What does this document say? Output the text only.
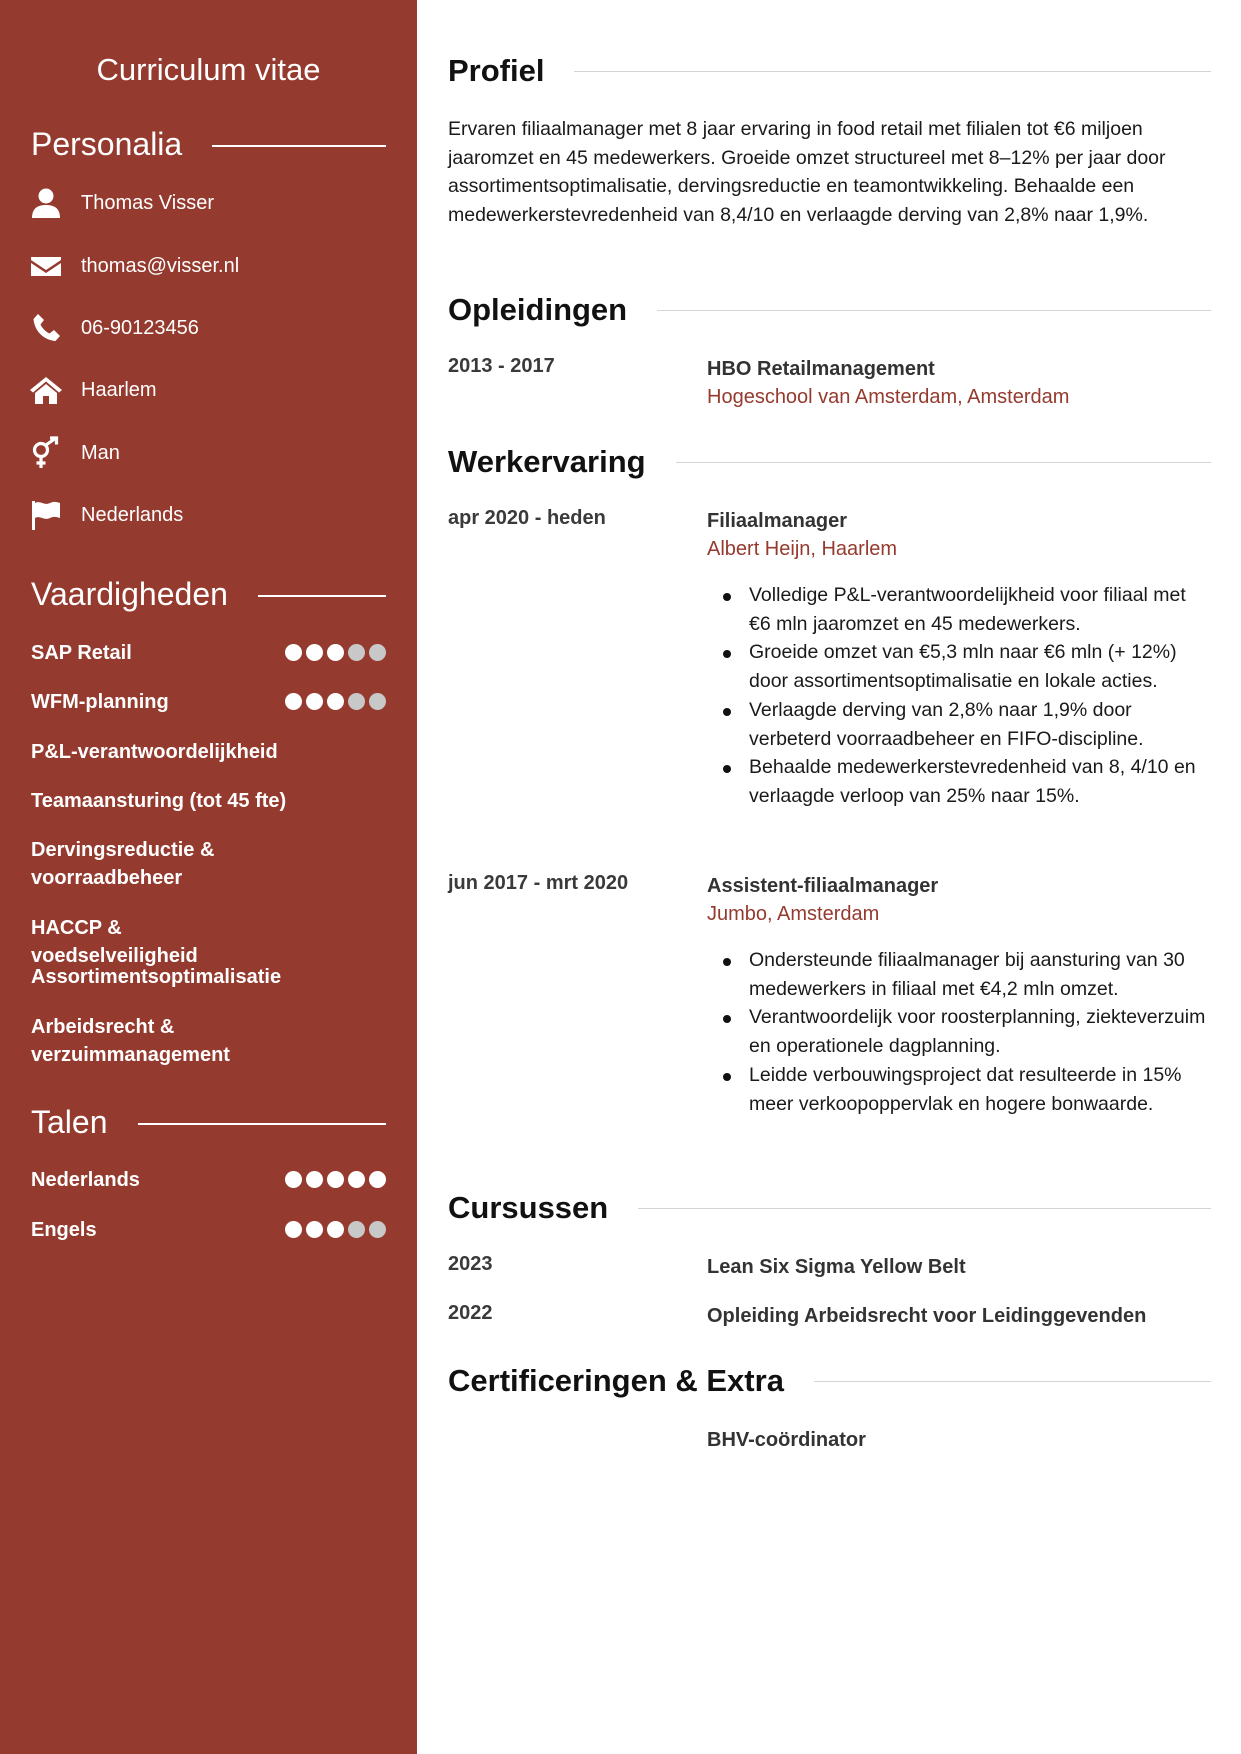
Curriculum vitae
Personalia
Thomas Visser
thomas@visser.nl
06-90123456
Haarlem
Man
Nederlands
Vaardigheden
SAP Retail
WFM-planning
P&L-verantwoordelijkheid
Teamaansturing (tot 45 fte)
Dervingsreductie & voorraadbeheer
HACCP & voedselveiligheid
Assortimentsoptimalisatie
Arbeidsrecht & verzuimmanagement
Talen
Nederlands
Engels
Profiel
Ervaren filiaalmanager met 8 jaar ervaring in food retail met filialen tot €6 miljoen jaaromzet en 45 medewerkers. Groeide omzet structureel met 8–12% per jaar door assortimentsoptimalisatie, dervingsreductie en teamontwikkeling. Behaalde een medewerkerstevredenheid van 8,4/10 en verlaagde derving van 2,8% naar 1,9%.
Opleidingen
2013 - 2017	HBO Retailmanagement
Hogeschool van Amsterdam, Amsterdam
Werkervaring
apr 2020 - heden	Filiaalmanager
Albert Heijn, Haarlem
Volledige P&L-verantwoordelijkheid voor filiaal met €6 mln jaaromzet en 45 medewerkers.
Groeide omzet van €5,3 mln naar €6 mln (+ 12%) door assortimentsoptimalisatie en lokale acties.
Verlaagde derving van 2,8% naar 1,9% door verbeterd voorraadbeheer en FIFO-discipline.
Behaalde medewerkerstevredenheid van 8, 4/10 en verlaagde verloop van 25% naar 15%.
jun 2017 - mrt 2020	Assistent-filiaalmanager
Jumbo, Amsterdam
Ondersteunde filiaalmanager bij aansturing van 30 medewerkers in filiaal met €4,2 mln omzet.
Verantwoordelijk voor roosterplanning, ziekteverzuim en operationele dagplanning.
Leidde verbouwingsproject dat resulteerde in 15% meer verkoopoppervlak en hogere bonwaarde.
Cursussen
2023	Lean Six Sigma Yellow Belt
2022	Opleiding Arbeidsrecht voor Leidinggevenden
Certificeringen & Extra
BHV-coördinator
